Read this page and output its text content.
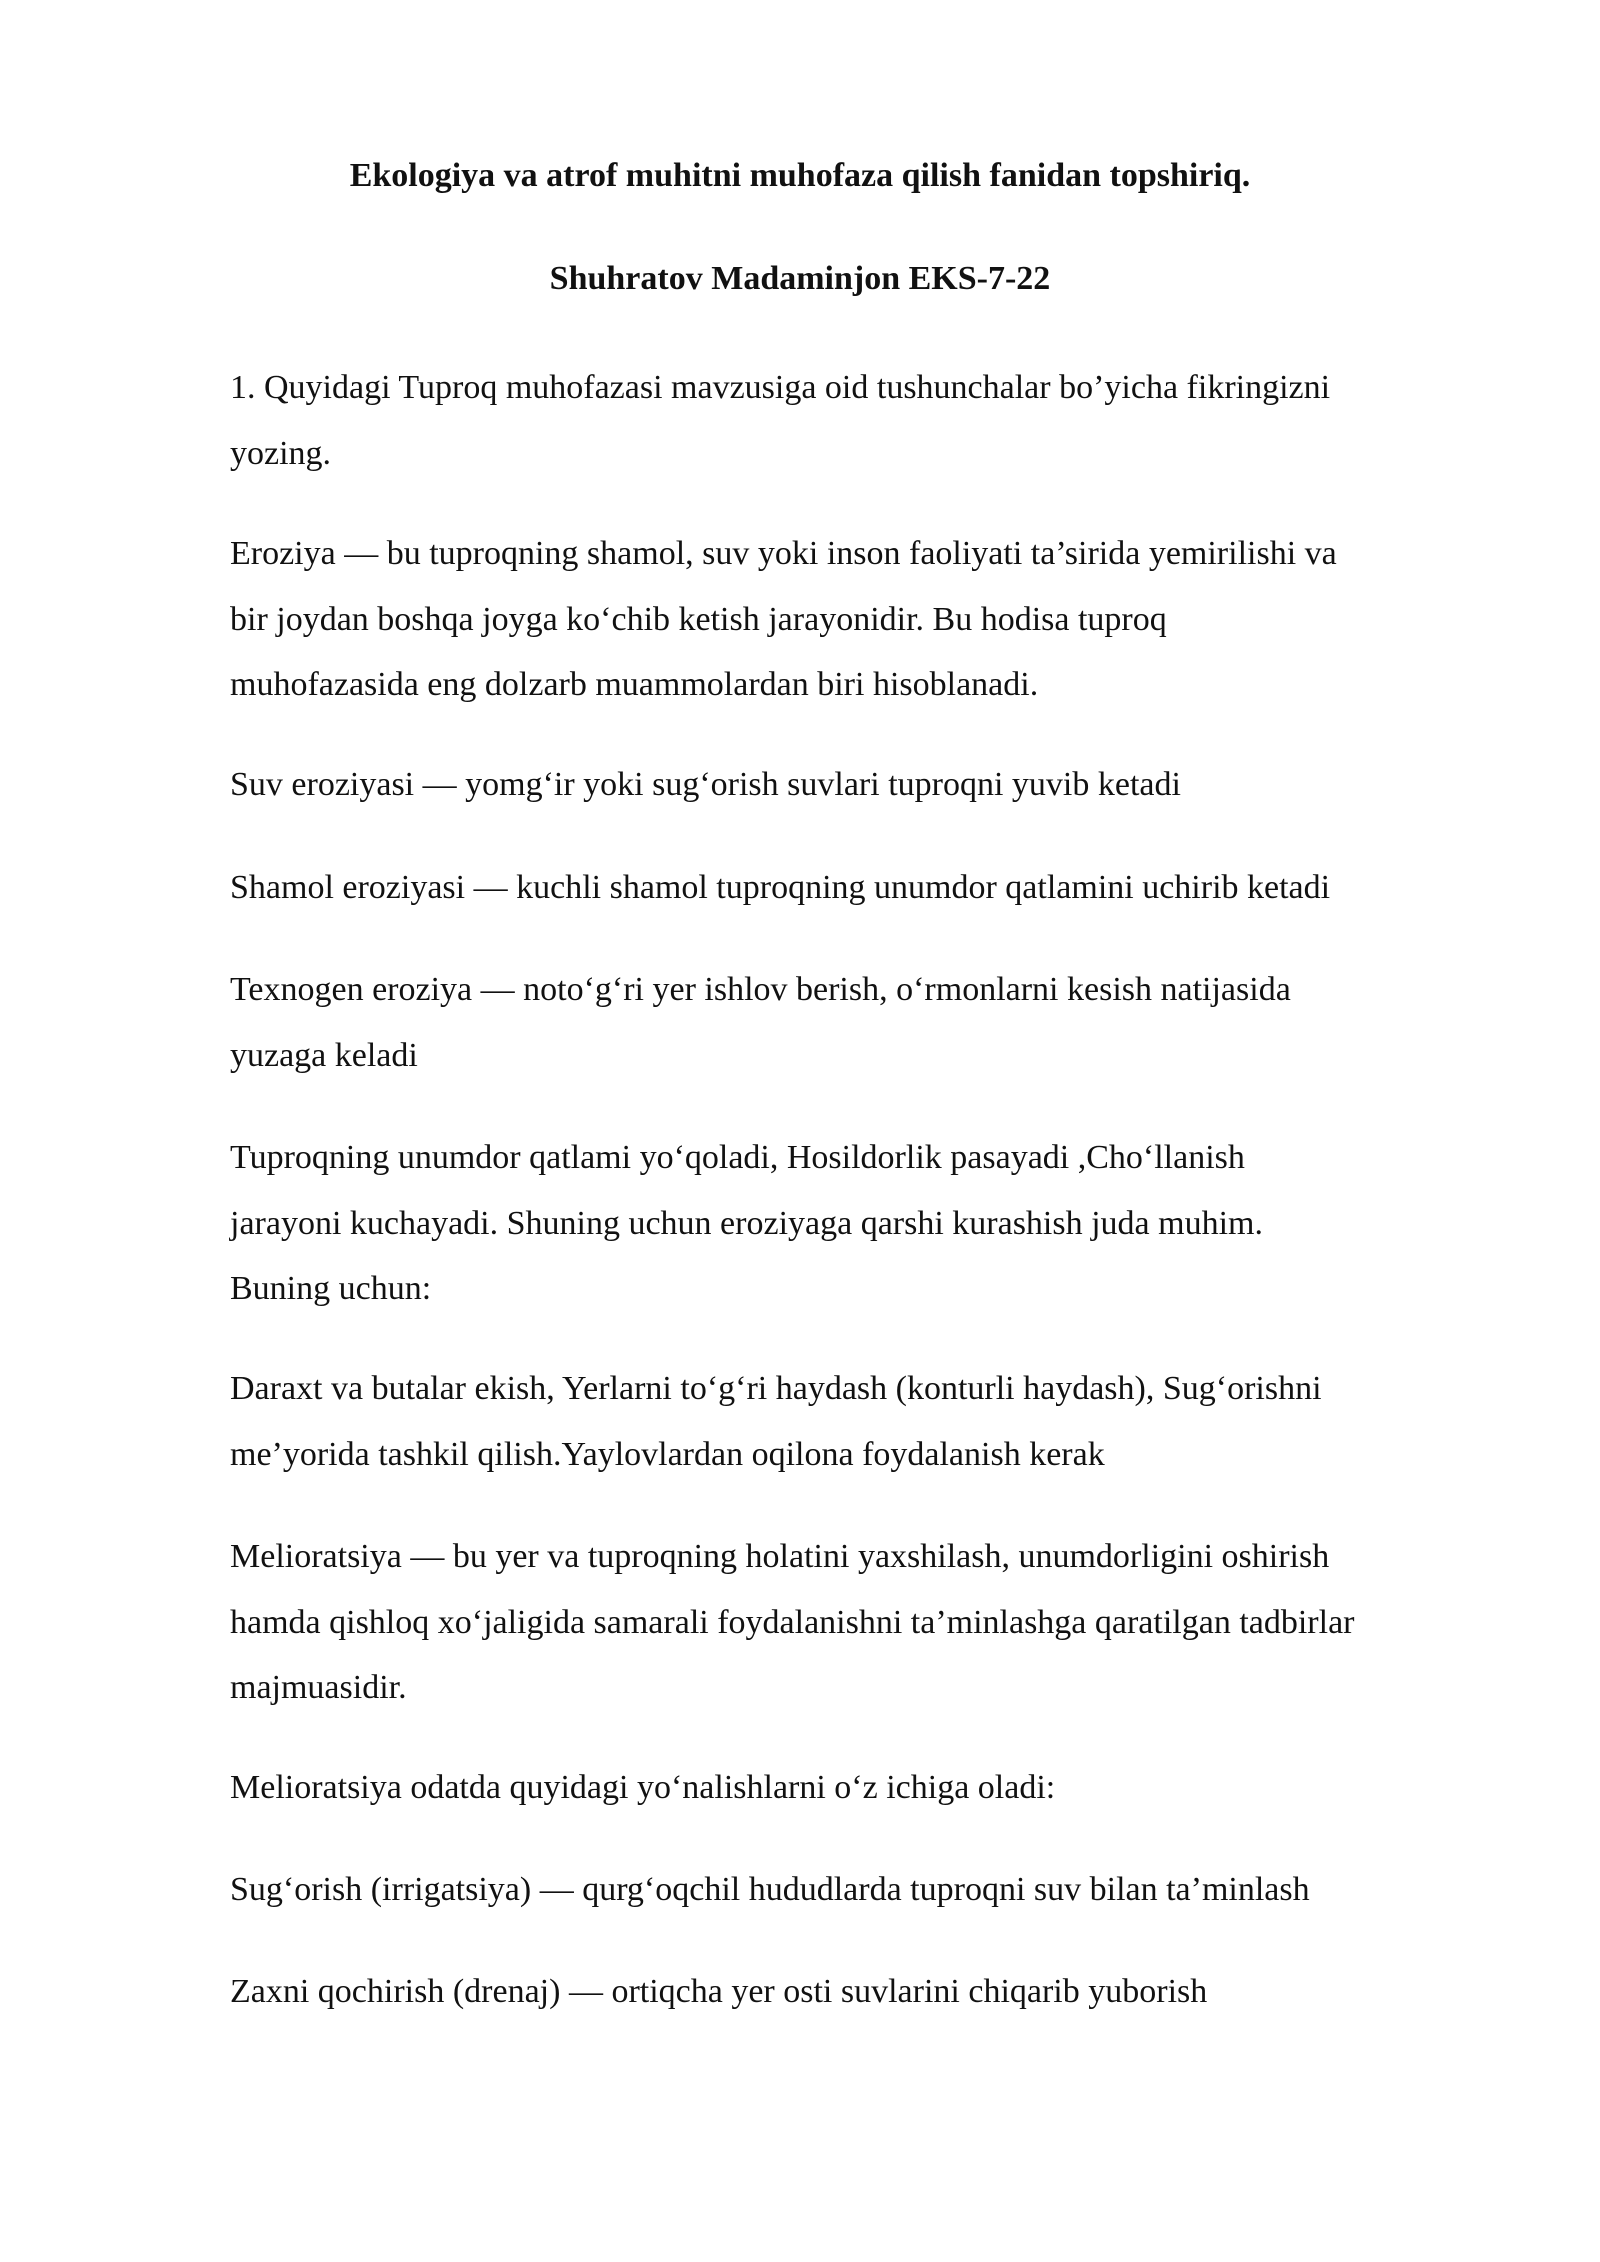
Ekologiya va atrof muhitni muhofaza qilish fanidan topshiriq.
Shuhratov Madaminjon EKS-7-22

1. Quyidagi Tuproq muhofazasi mavzusiga oid tushunchalar bo’yicha fikringizni
yozing.

Eroziya — bu tuproqning shamol, suv yoki inson faoliyati ta’sirida yemirilishi va
bir joydan boshqa joyga ko‘chib ketish jarayonidir. Bu hodisa tuproq
muhofazasida eng dolzarb muammolardan biri hisoblanadi.

Suv eroziyasi — yomg‘ir yoki sug‘orish suvlari tuproqni yuvib ketadi

Shamol eroziyasi — kuchli shamol tuproqning unumdor qatlamini uchirib ketadi

Texnogen eroziya — noto‘g‘ri yer ishlov berish, o‘rmonlarni kesish natijasida
yuzaga keladi

Tuproqning unumdor qatlami yo‘qoladi, Hosildorlik pasayadi ,Cho‘llanish
jarayoni kuchayadi. Shuning uchun eroziyaga qarshi kurashish juda muhim.
Buning uchun:

Daraxt va butalar ekish, Yerlarni to‘g‘ri haydash (konturli haydash), Sug‘orishni
me’yorida tashkil qilish.Yaylovlardan oqilona foydalanish kerak

Melioratsiya — bu yer va tuproqning holatini yaxshilash, unumdorligini oshirish
hamda qishloq xo‘jaligida samarali foydalanishni ta’minlashga qaratilgan tadbirlar
majmuasidir.

Melioratsiya odatda quyidagi yo‘nalishlarni o‘z ichiga oladi:

Sug‘orish (irrigatsiya) — qurg‘oqchil hududlarda tuproqni suv bilan ta’minlash

Zaxni qochirish (drenaj) — ortiqcha yer osti suvlarini chiqarib yuborish
